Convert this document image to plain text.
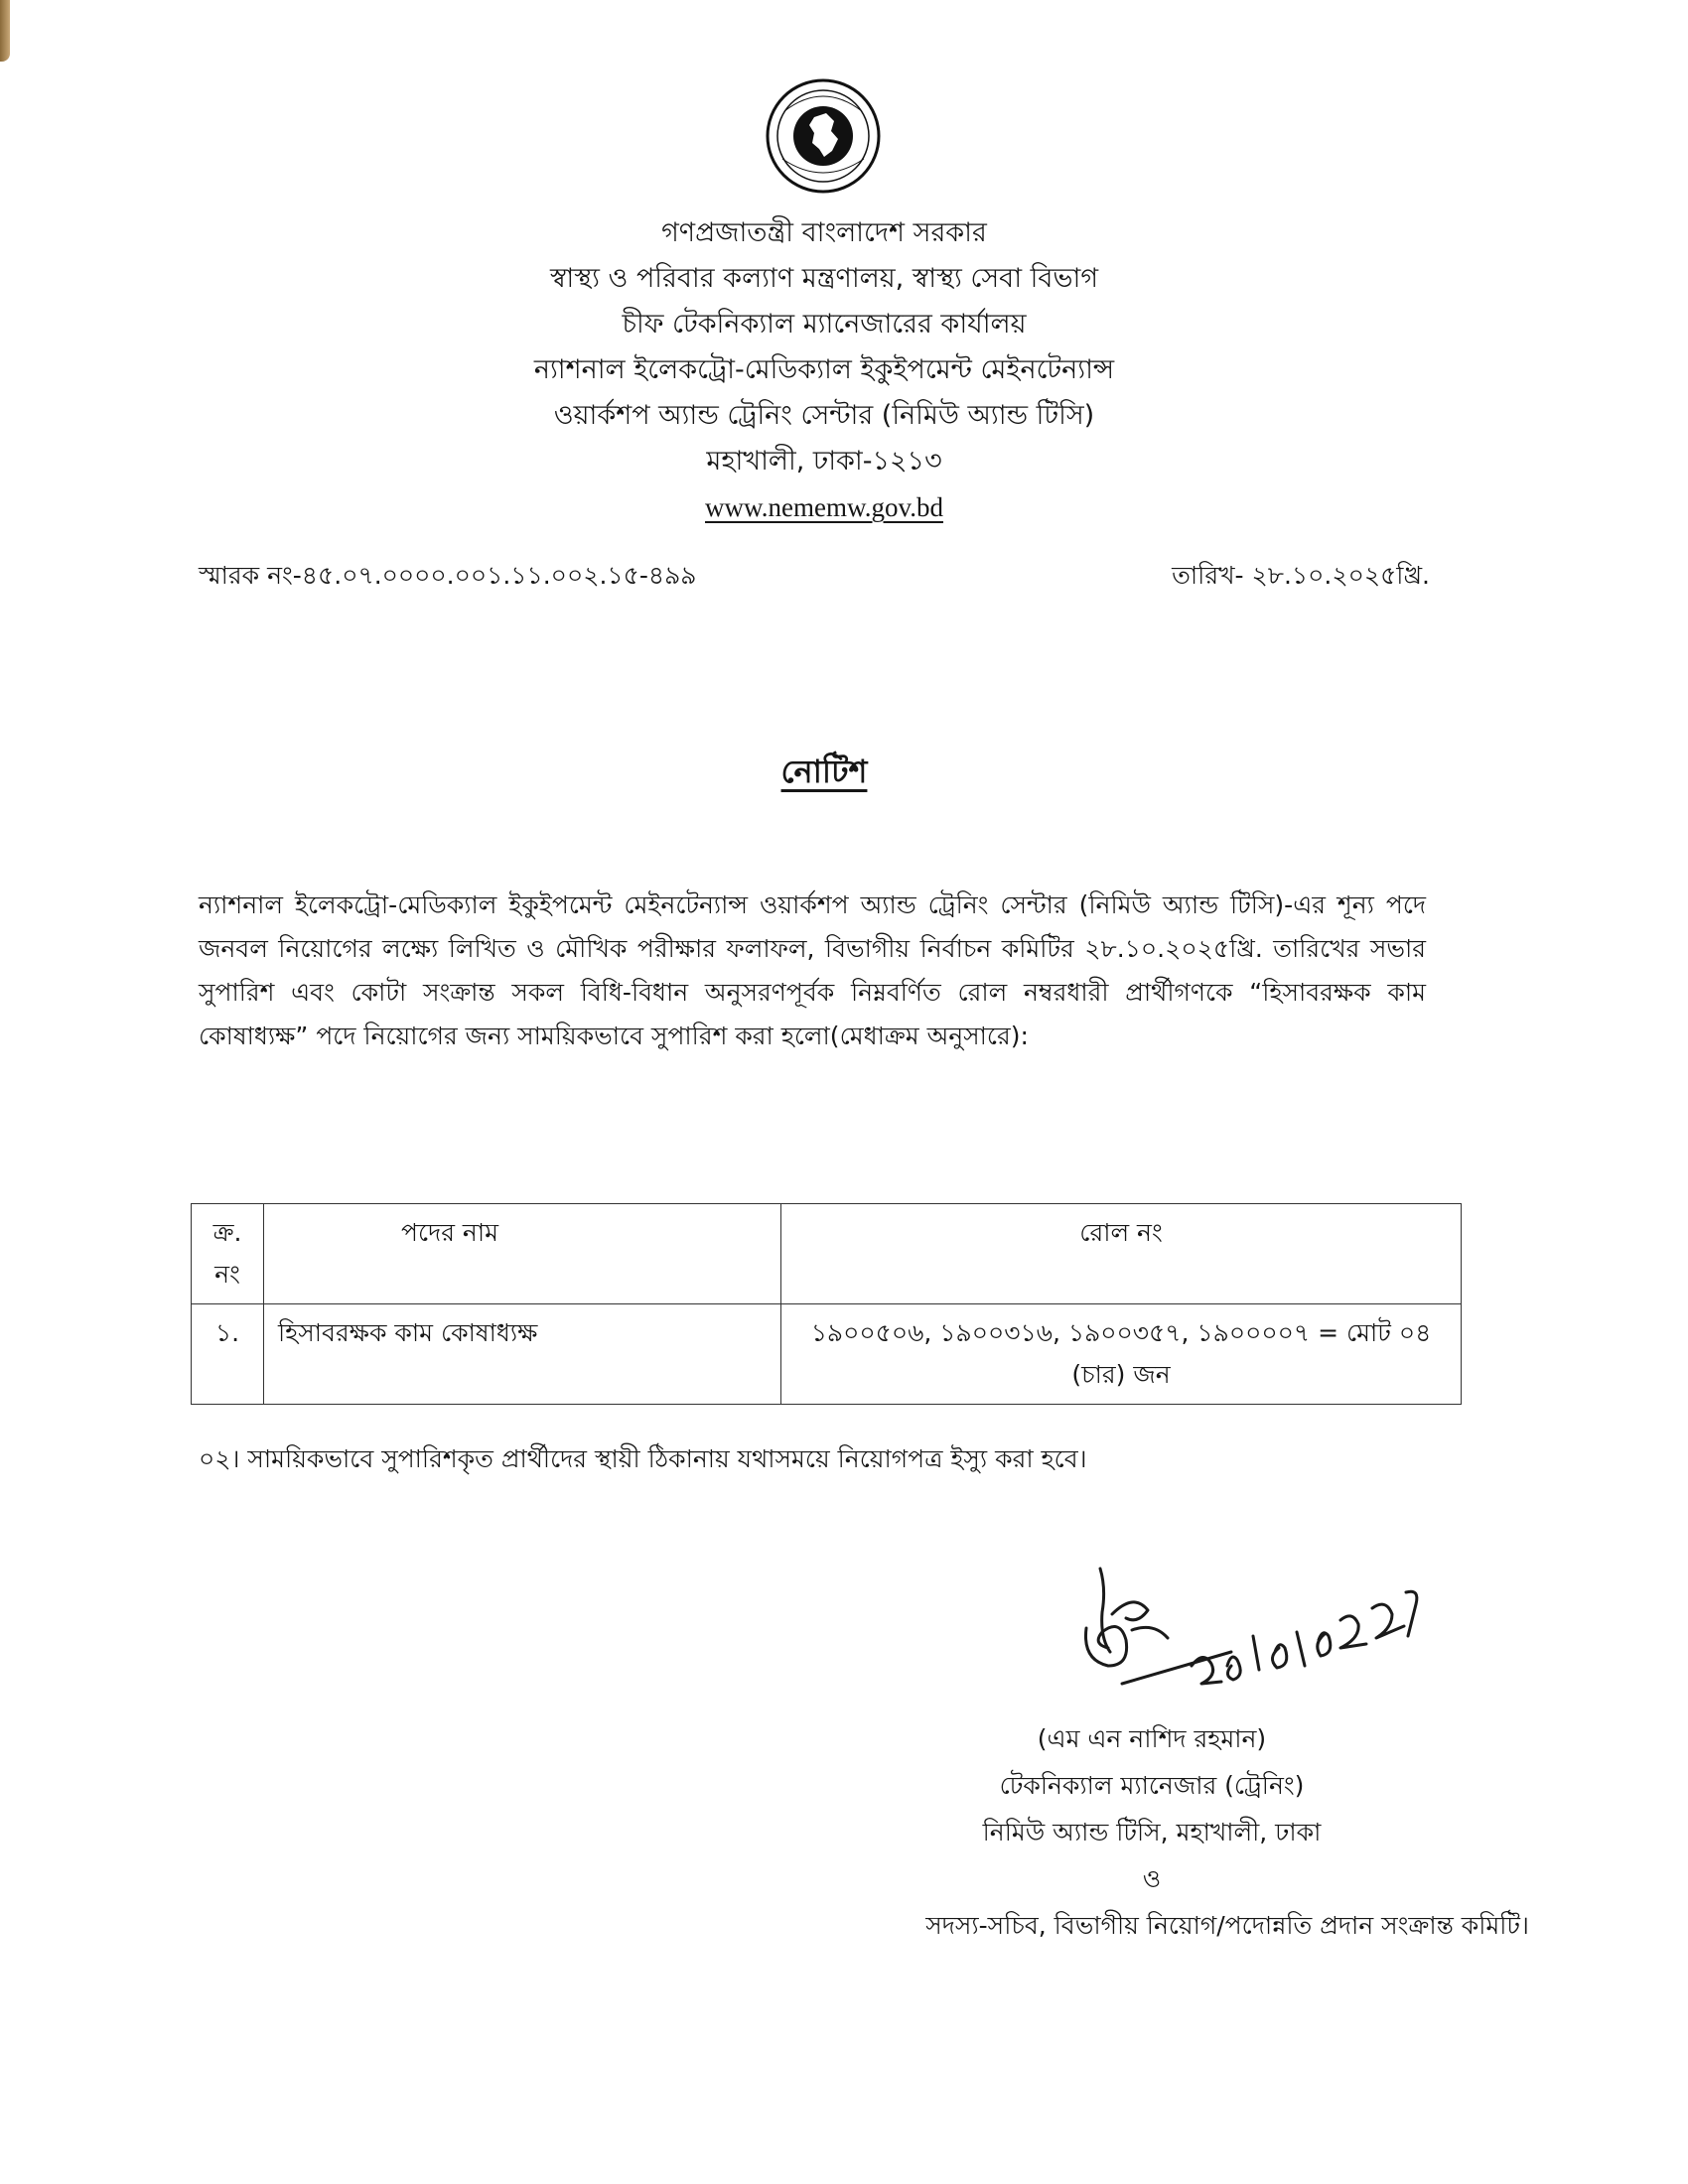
গণপ্রজাতন্ত্রী বাংলাদেশ সরকার
স্বাস্থ্য ও পরিবার কল্যাণ মন্ত্রণালয়, স্বাস্থ্য সেবা বিভাগ
চীফ টেকনিক্যাল ম্যানেজারের কার্যালয়
ন্যাশনাল ইলেকট্রো-মেডিক্যাল ইকুইপমেন্ট মেইনটেন্যান্স
ওয়ার্কশপ অ্যান্ড ট্রেনিং সেন্টার (নিমিউ অ্যান্ড টিসি)
মহাখালী, ঢাকা-১২১৩
www.nememw.gov.bd
স্মারক নং-৪৫.০৭.০০০০.০০১.১১.০০২.১৫-৪৯৯	তারিখ- ২৮.১০.২০২৫খ্রি.
নোটিশ
ন্যাশনাল ইলেকট্রো-মেডিক্যাল ইকুইপমেন্ট মেইনটেন্যান্স ওয়ার্কশপ অ্যান্ড ট্রেনিং সেন্টার (নিমিউ অ্যান্ড টিসি)-এর শূন্য পদে জনবল নিয়োগের লক্ষ্যে লিখিত ও মৌখিক পরীক্ষার ফলাফল, বিভাগীয় নির্বাচন কমিটির ২৮.১০.২০২৫খ্রি. তারিখের সভার সুপারিশ এবং কোটা সংক্রান্ত সকল বিধি-বিধান অনুসরণপূর্বক নিম্নবর্ণিত রোল নম্বরধারী প্রার্থীগণকে “হিসাবরক্ষক কাম কোষাধ্যক্ষ” পদে নিয়োগের জন্য সাময়িকভাবে সুপারিশ করা হলো(মেধাক্রম অনুসারে):
ক্র. নং	পদের নাম	রোল নং
১.	হিসাবরক্ষক কাম কোষাধ্যক্ষ	১৯০০৫০৬, ১৯০০৩১৬, ১৯০০৩৫৭, ১৯০০০০৭ = মোট ০৪ (চার) জন
০২। সাময়িকভাবে সুপারিশকৃত প্রার্থীদের স্থায়ী ঠিকানায় যথাসময়ে নিয়োগপত্র ইস্যু করা হবে।
(এম এন নাশিদ রহমান)
টেকনিক্যাল ম্যানেজার (ট্রেনিং)
নিমিউ অ্যান্ড টিসি, মহাখালী, ঢাকা
ও
সদস্য-সচিব, বিভাগীয় নিয়োগ/পদোন্নতি প্রদান সংক্রান্ত কমিটি।
